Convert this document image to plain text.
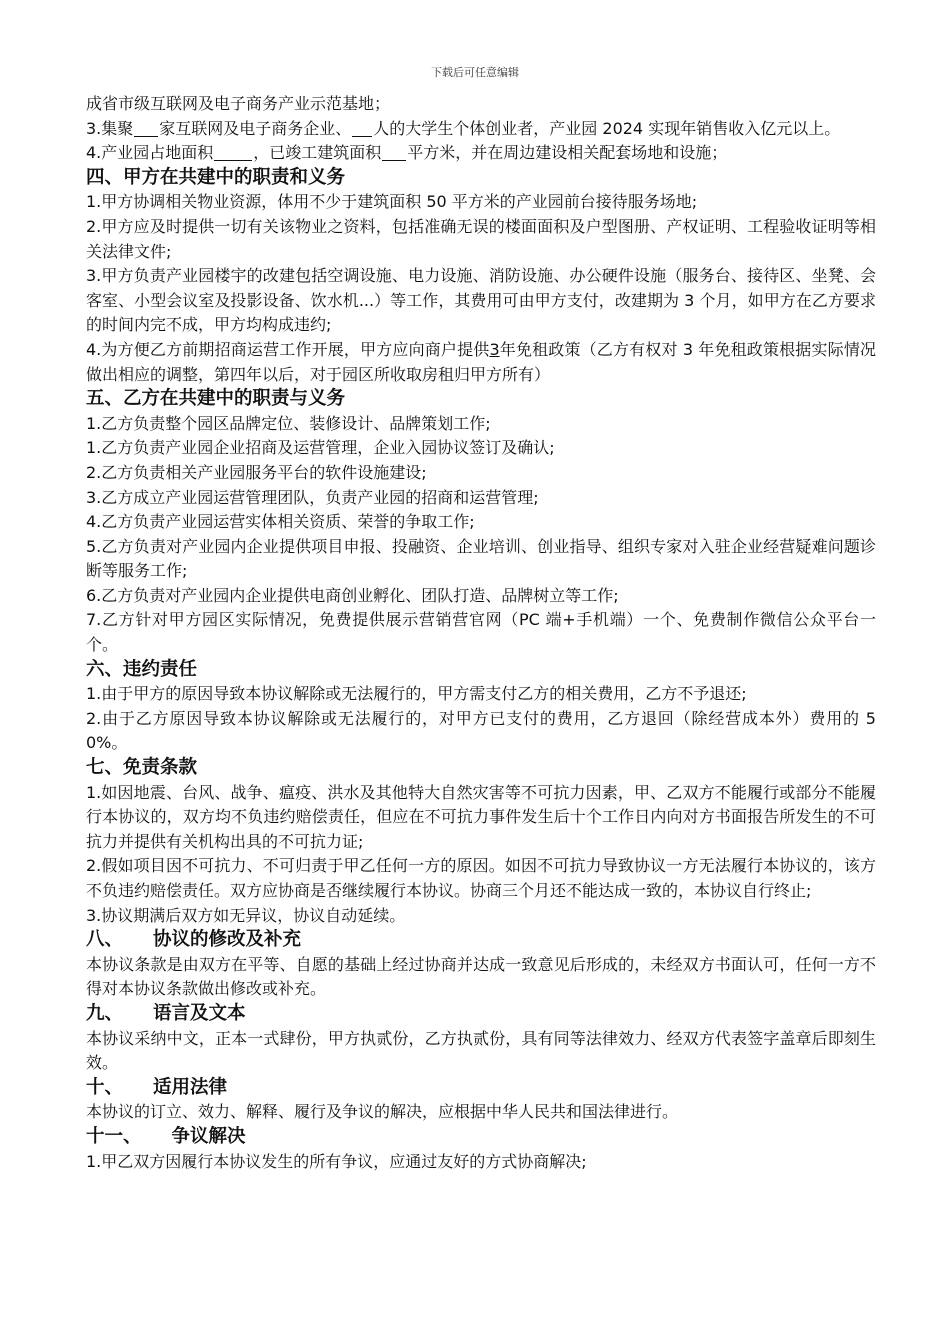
下载后可任意编辑

成省市级互联网及电子商务产业示范基地；

3.集聚 家互联网及电子商务企业、 人的大学生个体创业者，产业园 2024 实现年销售收入亿元以上。

4.产业园占地面积	，已竣工建筑面积 平方米，并在周边建设相关配套场地和设施；

四、甲方在共建中的职责和义务

1.甲方协调相关物业资源，体用不少于建筑面积 50 平方米的产业园前台接待服务场地;

2.甲方应及时提供一切有关该物业之资料，包括准确无误的楼面面积及户型图册、产权证明、工程验收证明等相关法律文件;

3.甲方负责产业园楼宇的改建包括空调设施、电力设施、消防设施、办公硬件设施（服务台、接待区、坐凳、会客室、小型会议室及投影设备、饮水机...）等工作，其费用可由甲方支付，改建期为 3 个月，如甲方在乙方要求的时间内完不成，甲方均构成违约;

4.为方便乙方前期招商运营工作开展，甲方应向商户提供3年免租政策（乙方有权对 3 年免租政策根据实际情况做出相应的调整，第四年以后，对于园区所收取房租归甲方所有）

五、乙方在共建中的职责与义务

1.乙方负责整个园区品牌定位、装修设计、品牌策划工作;

1.乙方负责产业园企业招商及运营管理，企业入园协议签订及确认;

2.乙方负责相关产业园服务平台的软件设施建设;

3.乙方成立产业园运营管理团队，负责产业园的招商和运营管理;

4.乙方负责产业园运营实体相关资质、荣誉的争取工作;

5.乙方负责对产业园内企业提供项目申报、投融资、企业培训、创业指导、组织专家对入驻企业经营疑难问题诊断等服务工作;

6.乙方负责对产业园内企业提供电商创业孵化、团队打造、品牌树立等工作;

7.乙方针对甲方园区实际情况，免费提供展示营销营官网（PC 端+手机端）一个、免费制作微信公众平台一个。

六、违约责任

1.由于甲方的原因导致本协议解除或无法履行的，甲方需支付乙方的相关费用，乙方不予退还;

2.由于乙方原因导致本协议解除或无法履行的，对甲方已支付的费用，乙方退回（除经营成本外）费用的 50%。

七、免责条款

1.如因地震、台风、战争、瘟疫、洪水及其他特大自然灾害等不可抗力因素，甲、乙双方不能履行或部分不能履行本协议的，双方均不负违约赔偿责任，但应在不可抗力事件发生后十个工作日内向对方书面报告所发生的不可抗力并提供有关机构出具的不可抗力证;

2.假如项目因不可抗力、不可归责于甲乙任何一方的原因。如因不可抗力导致协议一方无法履行本协议的，该方不负违约赔偿责任。双方应协商是否继续履行本协议。协商三个月还不能达成一致的，本协议自行终止;

3.协议期满后双方如无异议，协议自动延续。

八、 协议的修改及补充

本协议条款是由双方在平等、自愿的基础上经过协商并达成一致意见后形成的，未经双方书面认可，任何一方不得对本协议条款做出修改或补充。

九、 语言及文本

本协议采纳中文，正本一式肆份，甲方执贰份，乙方执贰份，具有同等法律效力、经双方代表签字盖章后即刻生效。

十、 适用法律

本协议的订立、效力、解释、履行及争议的解决，应根据中华人民共和国法律进行。

十一、 争议解决

1.甲乙双方因履行本协议发生的所有争议，应通过友好的方式协商解决;
